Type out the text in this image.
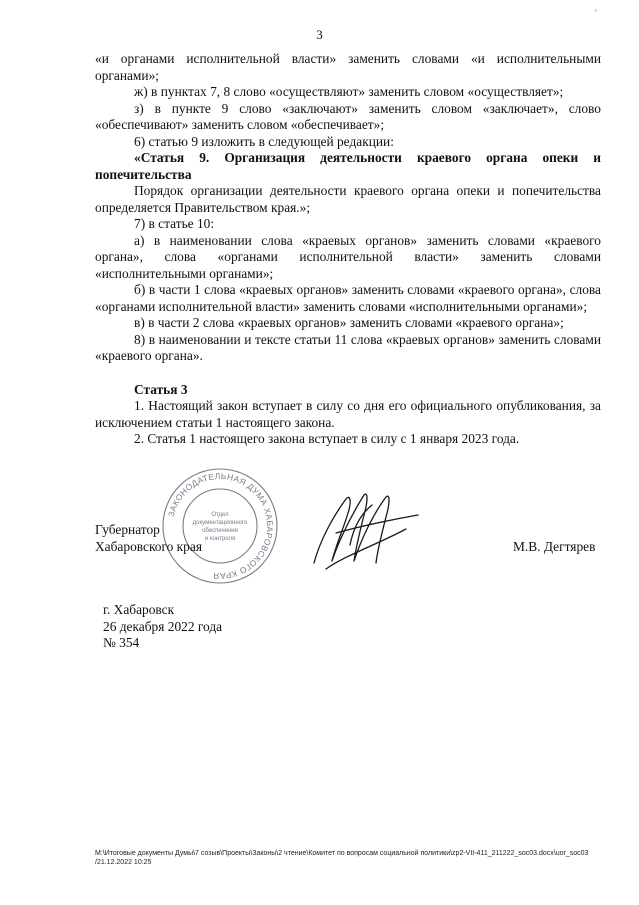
3
'

«и органами исполнительной власти» заменить словами «и исполнительными органами»;

ж) в пунктах 7, 8 слово «осуществляют» заменить словом «осуществляет»;

з) в пункте 9 слово «заключают» заменить словом «заключает», слово «обеспечивают» заменить словом «обеспечивает»;

6) статью 9 изложить в следующей редакции:

«Статья 9. Организация деятельности краевого органа опеки и попечительства

Порядок организации деятельности краевого органа опеки и попечительства определяется Правительством края.»;

7) в статье 10:

а) в наименовании слова «краевых органов» заменить словами «краевого органа», слова «органами исполнительной власти» заменить словами «исполнительными органами»;

б) в части 1 слова «краевых органов» заменить словами «краевого органа», слова «органами исполнительной власти» заменить словами «исполнительными органами»;

в) в части 2 слова «краевых органов» заменить словами «краевого органа»;

8) в наименовании и тексте статьи 11 слова «краевых органов» заменить словами «краевого органа».

Статья 3

1. Настоящий закон вступает в силу со дня его официального опубликования, за исключением статьи 1 настоящего закона.

2. Статья 1 настоящего закона вступает в силу с 1 января 2023 года.

ЗАКОНОДАТЕЛЬНАЯ ДУМА ХАБАРОВСКОГО КРАЯ
Отдел
документационного
обеспечения
и контроля
Губернатор
Хабаровского края	М.В. Дегтярев
г. Хабаровск
26 декабря 2022 года
№ 354
M:\Итоговые документы Думы\7 созыв\Проекты\Законы\2 чтение\Комитет по вопросам социальной политики\zp2-VII-411_211222_soc03.docx\uor_soc03
/21.12.2022 10:25
